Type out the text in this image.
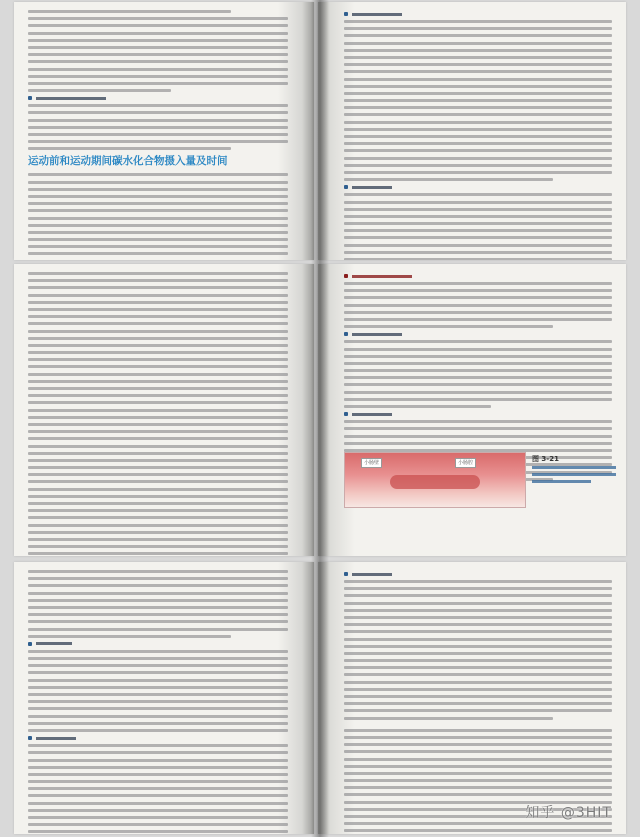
运动前和运动期间碳水化合物摄入量及时间
小肠壁	小肠腔	图 3-21
知乎 @3HIT
